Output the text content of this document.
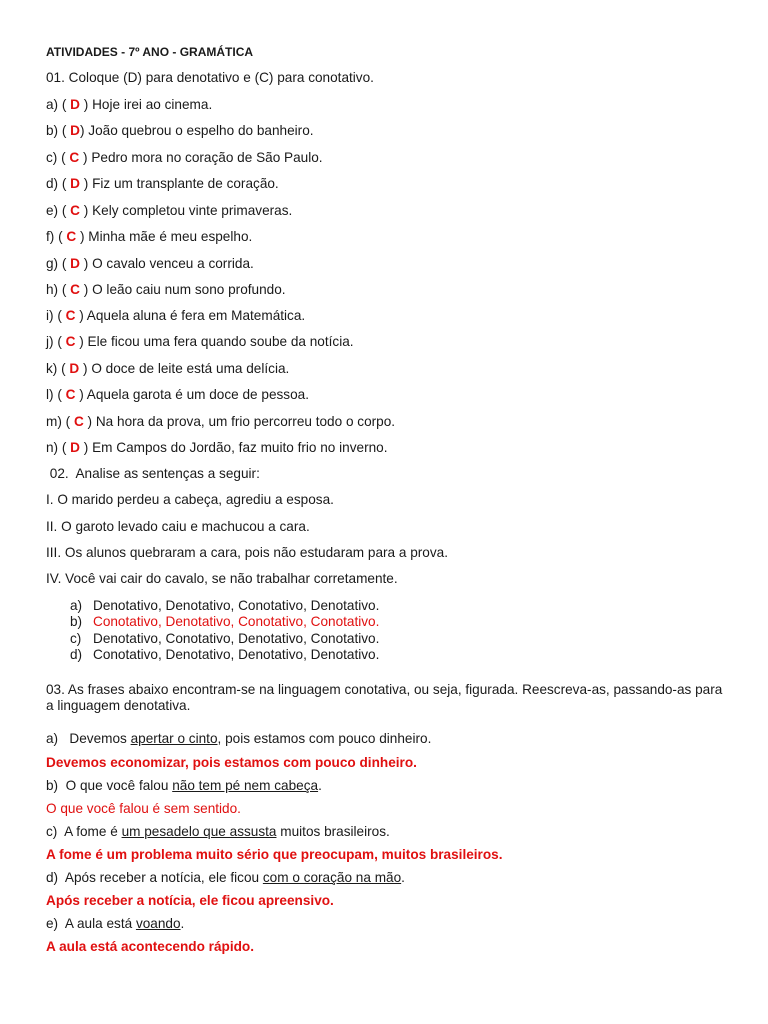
ATIVIDADES - 7º ANO - GRAMÁTICA
01. Coloque (D) para denotativo e (C) para conotativo.
a) ( D ) Hoje irei ao cinema.
b) ( D) João quebrou o espelho do banheiro.
c) ( C ) Pedro mora no coração de São Paulo.
d) ( D ) Fiz um transplante de coração.
e) ( C ) Kely completou vinte primaveras.
f) ( C ) Minha mãe é meu espelho.
g) ( D ) O cavalo venceu a corrida.
h) ( C ) O leão caiu num sono profundo.
i) ( C ) Aquela aluna é fera em Matemática.
j) ( C ) Ele ficou uma fera quando soube da notícia.
k) ( D ) O doce de leite está uma delícia.
l) ( C ) Aquela garota é um doce de pessoa.
m) ( C ) Na hora da prova, um frio percorreu todo o corpo.
n) ( D ) Em Campos do Jordão, faz muito frio no inverno.
02.  Analise as sentenças a seguir:
I. O marido perdeu a cabeça, agrediu a esposa.
II. O garoto levado caiu e machucou a cara.
III. Os alunos quebraram a cara, pois não estudaram para a prova.
IV. Você vai cair do cavalo, se não trabalhar corretamente.
a) Denotativo, Denotativo, Conotativo, Denotativo.
b) Conotativo, Denotativo, Conotativo, Conotativo.
c) Denotativo, Conotativo, Denotativo, Conotativo.
d) Conotativo, Denotativo, Denotativo, Denotativo.
03. As frases abaixo encontram-se na linguagem conotativa, ou seja, figurada. Reescreva-as, passando-as para a linguagem denotativa.
a)   Devemos apertar o cinto, pois estamos com pouco dinheiro.
Devemos economizar, pois estamos com pouco dinheiro.
b)  O que você falou não tem pé nem cabeça.
O que você falou é sem sentido.
c)  A fome é um pesadelo que assusta muitos brasileiros.
A fome é um problema muito sério que preocupam, muitos brasileiros.
d)  Após receber a notícia, ele ficou com o coração na mão.
Após receber a notícia, ele ficou apreensivo.
e)  A aula está voando.
A aula está acontecendo rápido.
